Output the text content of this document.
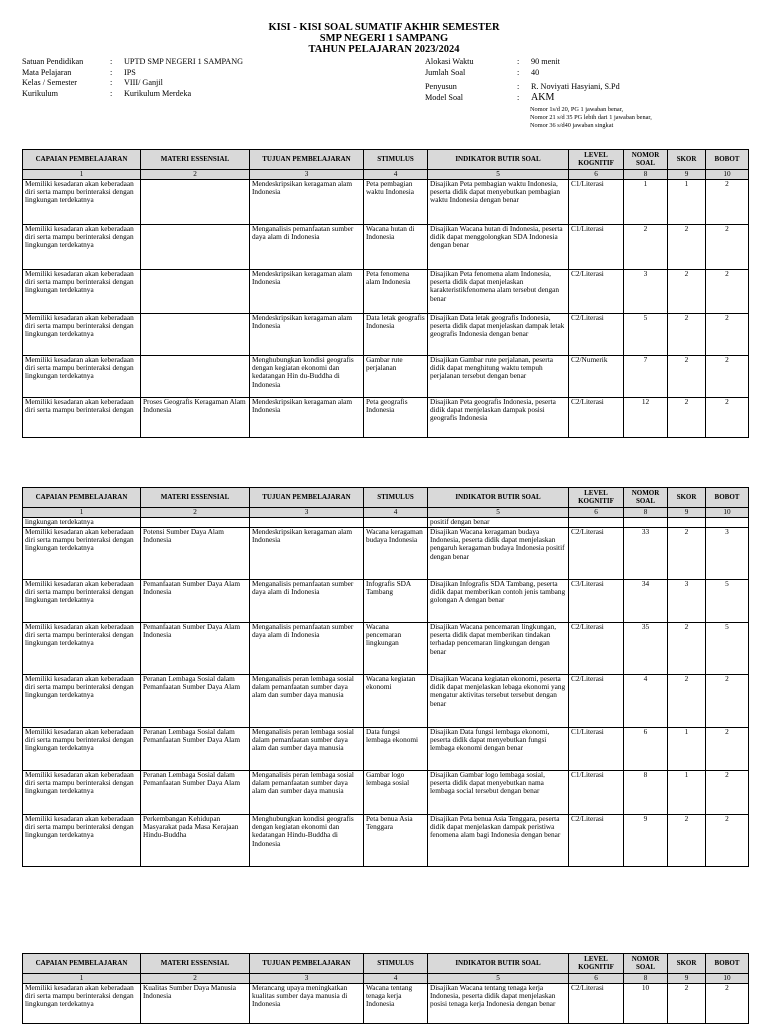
KISI - KISI SOAL SUMATIF AKHIR SEMESTER
SMP NEGERI 1 SAMPANG
TAHUN PELAJARAN 2023/2024
Satuan Pendidikan	:	UPTD SMP NEGERI 1 SAMPANG
Mata Pelajaran	:	IPS
Kelas / Semester	:	VIII/ Ganjil
Kurikulum	:	Kurikulum Merdeka
Alokasi Waktu	:	90 menit
Jumlah Soal	:	40
Penyusun	:	R. Noviyati Hasyiani, S.Pd
Model Soal	:	AKM
Nomor 1s/d 20, PG 1 jawaban benar,
Nomor 21 s/d 35 PG lebih dari 1 jawaban benar,
Nomor 36 s/d40 jawaban singkat
CAPAIAN PEMBELAJARAN	MATERI ESSENSIAL	TUJUAN PEMBELAJARAN	STIMULUS	INDIKATOR BUTIR SOAL	LEVEL KOGNITIF	NOMOR SOAL	SKOR	BOBOT
1	2	3	4	5	6	8	9	10
Memiliki kesadaran akan keberadaan diri serta mampu berinteraksi dengan lingkungan terdekatnya		Mendeskripsikan keragaman alam Indonesia	Peta pembagian waktu Indonesia	Disajikan Peta pembagian waktu Indonesia, peserta didik dapat menyebutkan pembagian waktu Indonesia dengan benar	C1/Literasi	1	1	2
Memiliki kesadaran akan keberadaan diri serta mampu berinteraksi dengan lingkungan terdekatnya		Menganalisis pemanfaatan sumber daya alam di Indonesia	Wacana hutan di Indonesia	Disajikan Wacana hutan di Indonesia, peserta didik dapat menggolongkan SDA Indonesia dengan benar	C1/Literasi	2	2	2
Memiliki kesadaran akan keberadaan diri serta mampu berinteraksi dengan lingkungan terdekatnya		Mendeskripsikan keragaman alam Indonesia	Peta fenomena alam Indonesia	Disajikan Peta fenomena alam Indonesia, peserta didik dapat menjelaskan karakteristikfenomena alam tersebut dengan benar	C2/Literasi	3	2	2
Memiliki kesadaran akan keberadaan diri serta mampu berinteraksi dengan lingkungan terdekatnya		Mendeskripsikan keragaman alam Indonesia	Data letak geografis Indonesia	Disajikan Data letak geografis Indonesia, peserta didik dapat menjelaskan dampak letak geografis Indonesia dengan benar	C2/Literasi	5	2	2
Memiliki kesadaran akan keberadaan diri serta mampu berinteraksi dengan lingkungan terdekatnya		Menghubungkan kondisi geografis dengan kegiatan ekonomi dan kedatangan Hin du-Buddha di Indonesia	Gambar rute perjalanan	Disajikan Gambar rute perjalanan, peserta didik dapat menghitung waktu tempuh perjalanan tersebut dengan benar	C2/Numerik	7	2	2
Memiliki kesadaran akan keberadaan diri serta mampu berinteraksi dengan	Proses Geografis Keragaman Alam Indonesia	Mendeskripsikan keragaman alam Indonesia	Peta geografis Indonesia	Disajikan Peta geografis Indonesia, peserta didik dapat menjelaskan dampak posisi geografis Indonesia	C2/Literasi	12	2	2
CAPAIAN PEMBELAJARAN	MATERI ESSENSIAL	TUJUAN PEMBELAJARAN	STIMULUS	INDIKATOR BUTIR SOAL	LEVEL KOGNITIF	NOMOR SOAL	SKOR	BOBOT
1	2	3	4	5	6	8	9	10
lingkungan terdekatnya				positif dengan benar				
Memiliki kesadaran akan keberadaan diri serta mampu berinteraksi dengan lingkungan terdekatnya	Potensi Sumber Daya Alam Indonesia	Mendeskripsikan keragaman alam Indonesia	Wacana keragaman budaya Indonesia	Disajikan Wacana keragaman budaya Indonesia, peserta didik dapat menjelaskan pengaruh keragaman budaya Indonesia positif dengan benar	C2/Literasi	33	2	3
Memiliki kesadaran akan keberadaan diri serta mampu berinteraksi dengan lingkungan terdekatnya	Pemanfaatan Sumber Daya Alam Indonesia	Menganalisis pemanfaatan sumber daya alam di Indonesia	Infografis SDA Tambang	Disajikan Infografis SDA Tambang, peserta didik dapat memberikan contoh jenis tambang golongan A dengan benar	C3/Literasi	34	3	5
Memiliki kesadaran akan keberadaan diri serta mampu berinteraksi dengan lingkungan terdekatnya	Pemanfaatan Sumber Daya Alam Indonesia	Menganalisis pemanfaatan sumber daya alam di Indonesia	Wacana pencemaran lingkungan	Disajikan Wacana pencemaran lingkungan, peserta didik dapat memberikan tindakan terhadap pencemaran lingkungan dengan benar	C2/Literasi	35	2	5
Memiliki kesadaran akan keberadaan diri serta mampu berinteraksi dengan lingkungan terdekatnya	Peranan Lembaga Sosial dalam Pemanfaatan Sumber Daya Alam	Menganalisis peran lembaga sosial dalam pemanfaatan sumber daya alam dan sumber daya manusia	Wacana kegiatan ekonomi	Disajikan Wacana kegiatan ekonomi, peserta didik dapat menjelaskan lebaga ekonomi yang mengatur aktivitas tersebut tersebut dengan benar	C2/Literasi	4	2	2
Memiliki kesadaran akan keberadaan diri serta mampu berinteraksi dengan lingkungan terdekatnya	Peranan Lembaga Sosial dalam Pemanfaatan Sumber Daya Alam	Menganalisis peran lembaga sosial dalam pemanfaatan sumber daya alam dan sumber daya manusia	Data fungsi lembaga ekonomi	Disajikan Data fungsi lembaga ekonomi, peserta didik dapat menyebutkan fungsi lembaga ekonomi dengan benar	C1/Literasi	6	1	2
Memiliki kesadaran akan keberadaan diri serta mampu berinteraksi dengan lingkungan terdekatnya	Peranan Lembaga Sosial dalam Pemanfaatan Sumber Daya Alam	Menganalisis peran lembaga sosial dalam pemanfaatan sumber daya alam dan sumber daya manusia	Gambar logo lembaga sosial	Disajikan Gambar logo lembaga sosial, peserta didik dapat menyebutkan nama lembaga social tersebut dengan benar	C1/Literasi	8	1	2
Memiliki kesadaran akan keberadaan diri serta mampu berinteraksi dengan lingkungan terdekatnya	Perkembangan Kehidupan Masyarakat pada Masa Kerajaan Hindu-Buddha	Menghubungkan kondisi geografis dengan kegiatan ekonomi dan kedatangan Hindu-Buddha di Indonesia	Peta benua Asia Tenggara	Disajikan Peta benua Asia Tenggara, peserta didik dapat menjelaskan dampak peristiwa fenomena alam bagi Indonesia dengan benar	C2/Literasi	9	2	2
CAPAIAN PEMBELAJARAN	MATERI ESSENSIAL	TUJUAN PEMBELAJARAN	STIMULUS	INDIKATOR BUTIR SOAL	LEVEL KOGNITIF	NOMOR SOAL	SKOR	BOBOT
1	2	3	4	5	6	8	9	10
Memiliki kesadaran akan keberadaan diri serta mampu berinteraksi dengan lingkungan terdekatnya	Kualitas Sumber Daya Manusia Indonesia	Merancang upaya meningkatkan kualitas sumber daya manusia di Indonesia	Wacana tentang tenaga kerja Indonesia	Disajikan Wacana tentang tenaga kerja Indonesia, peserta didik dapat menjelaskan posisi tenaga kerja Indonesia dengan benar	C2/Literasi	10	2	2
